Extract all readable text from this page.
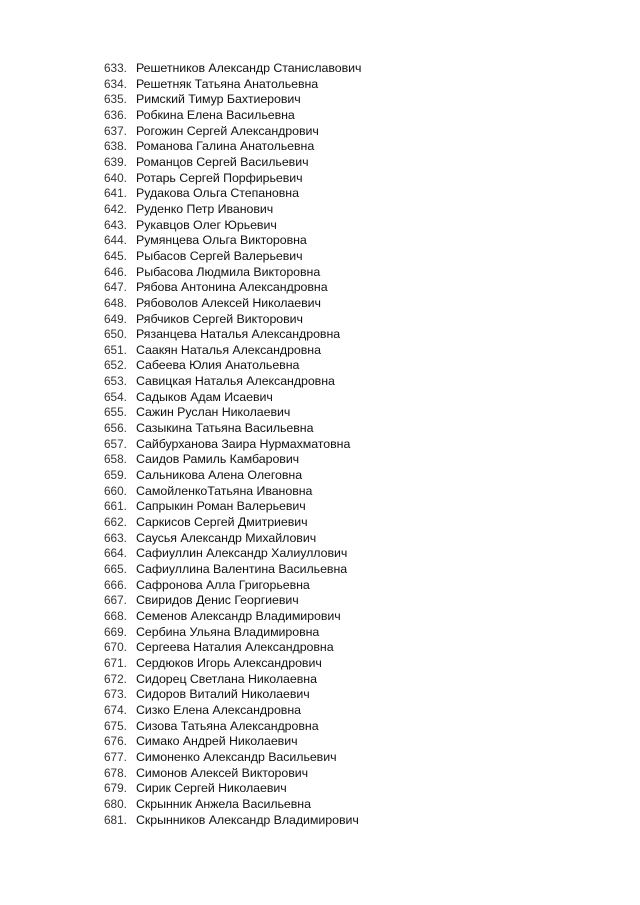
633. Решетников Александр Станиславович
634. Решетняк Татьяна Анатольевна
635. Римский Тимур Бахтиерович
636. Робкина Елена Васильевна
637. Рогожин Сергей Александрович
638. Романова Галина Анатольевна
639. Романцов Сергей Васильевич
640. Ротарь Сергей Порфирьевич
641. Рудакова Ольга Степановна
642. Руденко Петр Иванович
643. Рукавцов Олег Юрьевич
644. Румянцева Ольга Викторовна
645. Рыбасов Сергей Валерьевич
646. Рыбасова Людмила Викторовна
647. Рябова Антонина Александровна
648. Рябоволов Алексей Николаевич
649. Рябчиков Сергей Викторович
650. Рязанцева Наталья Александровна
651. Саакян Наталья Александровна
652. Сабеева Юлия Анатольевна
653. Савицкая Наталья Александровна
654. Садыков Адам Исаевич
655. Сажин Руслан Николаевич
656. Сазыкина Татьяна Васильевна
657. Сайбурханова Заира Нурмахматовна
658. Саидов Рамиль Камбарович
659. Сальникова Алена Олеговна
660. СамойленкоТатьяна Ивановна
661. Сапрыкин Роман Валерьевич
662. Саркисов Сергей Дмитриевич
663. Саусья Александр Михайлович
664. Сафиуллин Александр Халиуллович
665. Сафиуллина Валентина Васильевна
666. Сафронова Алла Григорьевна
667. Свиридов Денис Георгиевич
668. Семенов Александр Владимирович
669. Сербина Ульяна Владимировна
670. Сергеева Наталия Александровна
671. Сердюков Игорь Александрович
672. Сидорец Светлана Николаевна
673. Сидоров Виталий Николаевич
674. Сизко Елена Александровна
675. Сизова Татьяна Александровна
676. Симако Андрей Николаевич
677. Симоненко Александр Васильевич
678. Симонов Алексей Викторович
679. Сирик Сергей Николаевич
680. Скрынник Анжела Васильевна
681. Скрынников Александр Владимирович
